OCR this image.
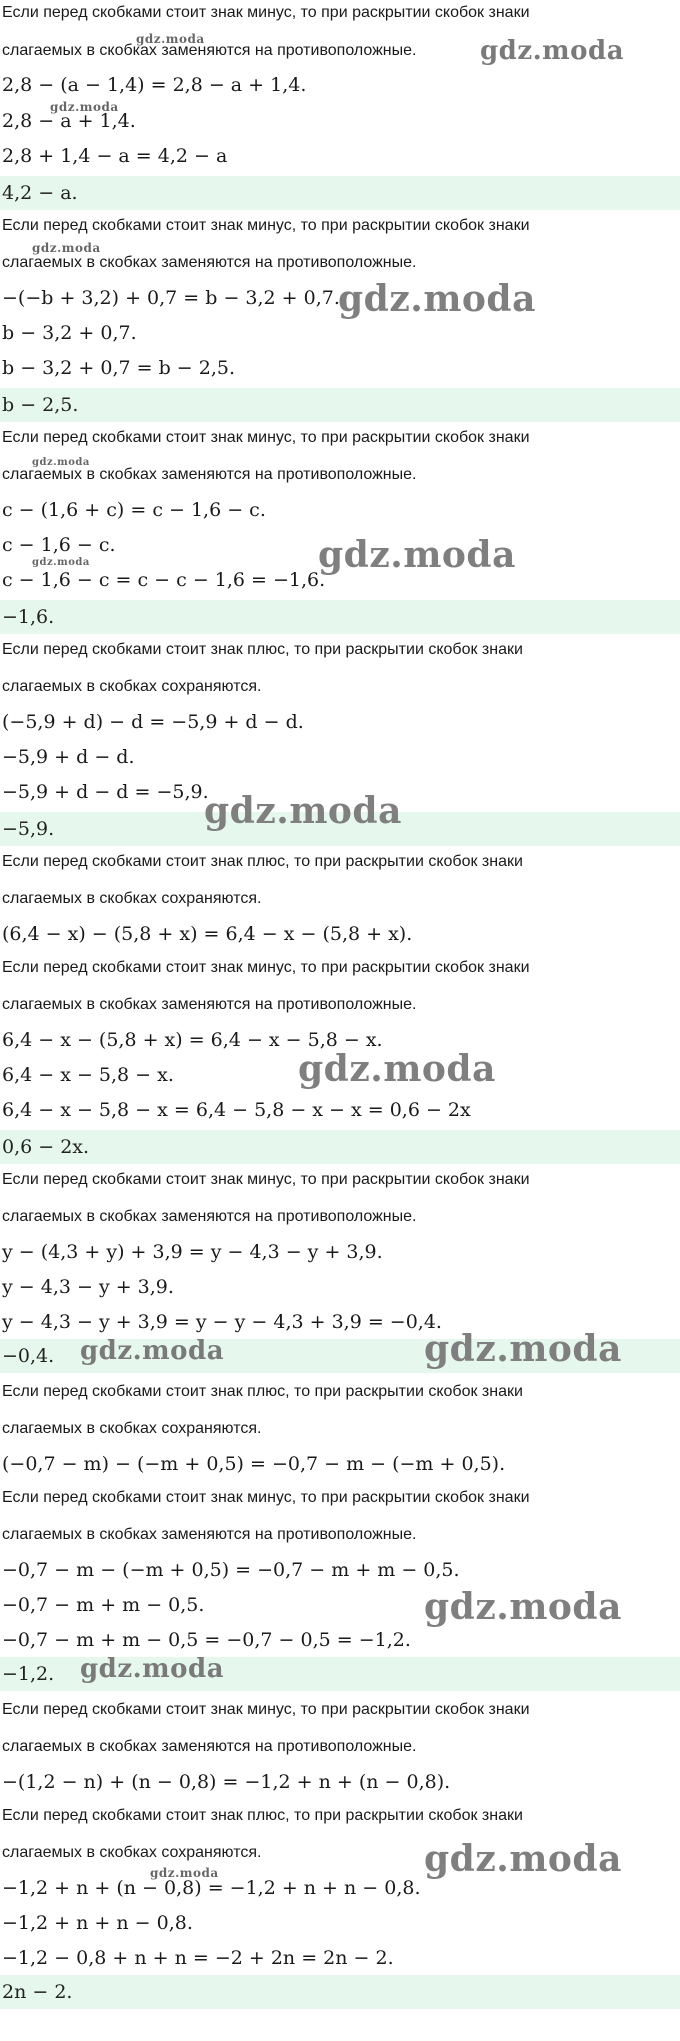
Если перед скобками стоит знак минус, то при раскрытии скобок знаки
слагаемых в скобках заменяются на противоположные.
2,8 − (a − 1,4) = 2,8 − a + 1,4.
2,8 − a + 1,4.
2,8 + 1,4 − a = 4,2 − a
4,2 − a.
Если перед скобками стоит знак минус, то при раскрытии скобок знаки
слагаемых в скобках заменяются на противоположные.
−(−b + 3,2) + 0,7 = b − 3,2 + 0,7.
b − 3,2 + 0,7.
b − 3,2 + 0,7 = b − 2,5.
b − 2,5.
Если перед скобками стоит знак минус, то при раскрытии скобок знаки
слагаемых в скобках заменяются на противоположные.
c − (1,6 + c) = c − 1,6 − c.
c − 1,6 − c.
c − 1,6 − c = c − c − 1,6 = −1,6.
−1,6.
Если перед скобками стоит знак плюс, то при раскрытии скобок знаки
слагаемых в скобках сохраняются.
(−5,9 + d) − d = −5,9 + d − d.
−5,9 + d − d.
−5,9 + d − d = −5,9.
−5,9.
Если перед скобками стоит знак плюс, то при раскрытии скобок знаки
слагаемых в скобках сохраняются.
(6,4 − x) − (5,8 + x) = 6,4 − x − (5,8 + x).
Если перед скобками стоит знак минус, то при раскрытии скобок знаки
слагаемых в скобках заменяются на противоположные.
6,4 − x − (5,8 + x) = 6,4 − x − 5,8 − x.
6,4 − x − 5,8 − x.
6,4 − x − 5,8 − x = 6,4 − 5,8 − x − x = 0,6 − 2x
0,6 − 2x.
Если перед скобками стоит знак минус, то при раскрытии скобок знаки
слагаемых в скобках заменяются на противоположные.
y − (4,3 + y) + 3,9 = y − 4,3 − y + 3,9.
y − 4,3 − y + 3,9.
y − 4,3 − y + 3,9 = y − y − 4,3 + 3,9 = −0,4.
−0,4.
Если перед скобками стоит знак плюс, то при раскрытии скобок знаки
слагаемых в скобках сохраняются.
(−0,7 − m) − (−m + 0,5) = −0,7 − m − (−m + 0,5).
Если перед скобками стоит знак минус, то при раскрытии скобок знаки
слагаемых в скобках заменяются на противоположные.
−0,7 − m − (−m + 0,5) = −0,7 − m + m − 0,5.
−0,7 − m + m − 0,5.
−0,7 − m + m − 0,5 = −0,7 − 0,5 = −1,2.
−1,2.
Если перед скобками стоит знак минус, то при раскрытии скобок знаки
слагаемых в скобках заменяются на противоположные.
−(1,2 − n) + (n − 0,8) = −1,2 + n + (n − 0,8).
Если перед скобками стоит знак плюс, то при раскрытии скобок знаки
слагаемых в скобках сохраняются.
−1,2 + n + (n − 0,8) = −1,2 + n + n − 0,8.
−1,2 + n + n − 0,8.
−1,2 − 0,8 + n + n = −2 + 2n = 2n − 2.
2n − 2.
gdz.moda
gdz.moda
gdz.moda
gdz.moda
gdz.moda
gdz.moda
gdz.moda	gdz.moda
gdz.moda
gdz.moda
gdz.moda
gdz.moda
gdz.moda
gdz.moda
gdz.moda
gdz.moda
